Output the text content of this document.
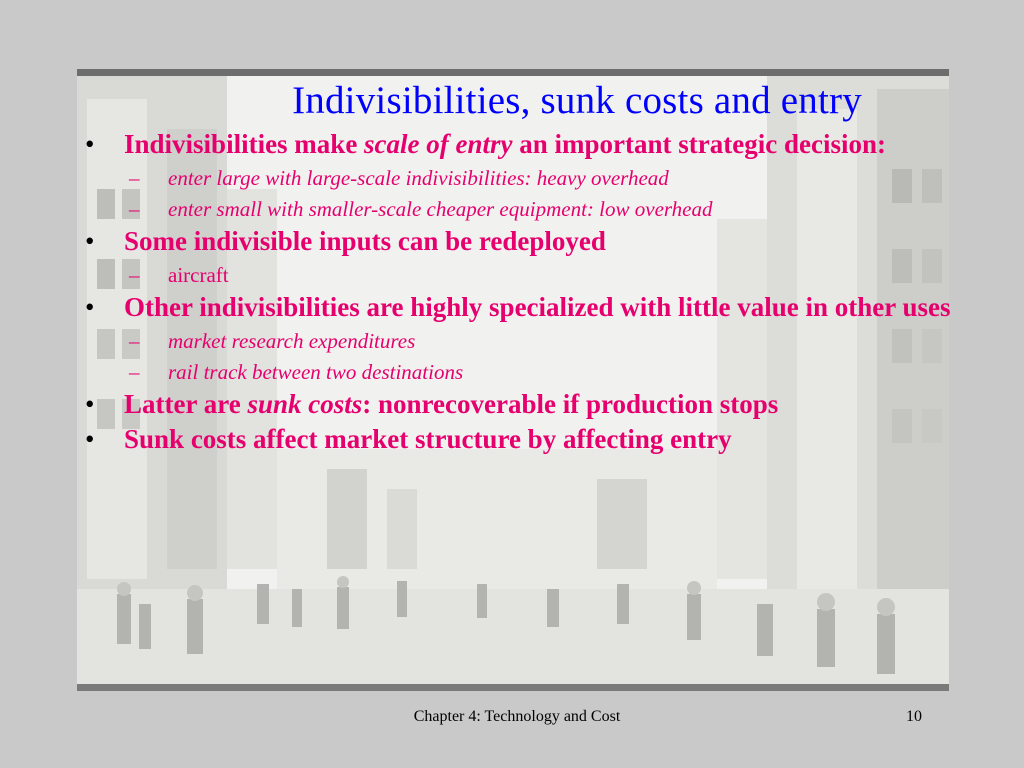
Indivisibilities, sunk costs and entry
• Indivisibilities make scale of entry an important strategic decision:
– enter large with large-scale indivisibilities: heavy overhead
– enter small with smaller-scale cheaper equipment: low overhead
• Some indivisible inputs can be redeployed
– aircraft
• Other indivisibilities are highly specialized with little value in other uses
– market research expenditures
– rail track between two destinations
• Latter are sunk costs: nonrecoverable if production stops
• Sunk costs affect market structure by affecting entry
Chapter 4: Technology and Cost	10
